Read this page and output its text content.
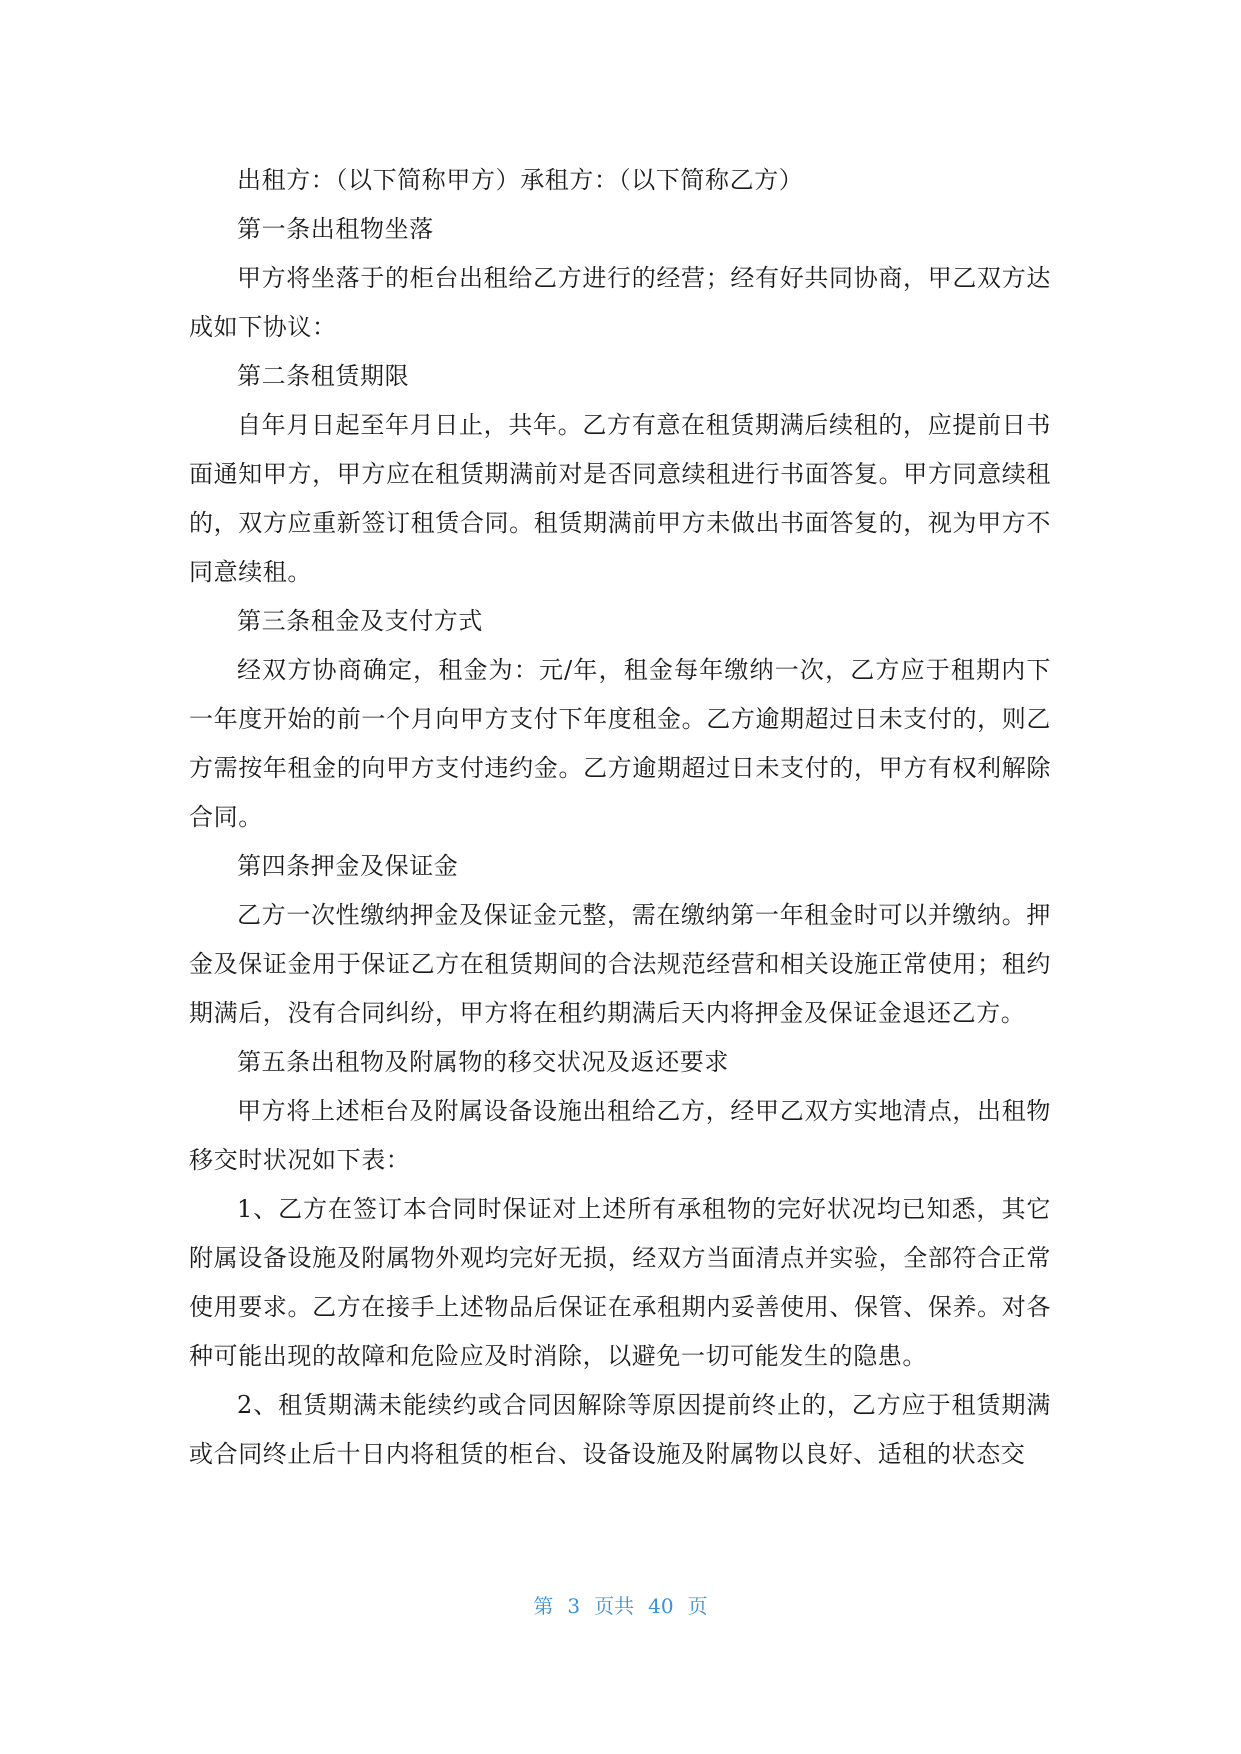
出租方：（以下简称甲方）承租方：（以下简称乙方）

第一条出租物坐落

甲方将坐落于的柜台出租给乙方进行的经营；经有好共同协商，甲乙双方达成如下协议：

第二条租赁期限

自年月日起至年月日止，共年。乙方有意在租赁期满后续租的，应提前日书面通知甲方，甲方应在租赁期满前对是否同意续租进行书面答复。甲方同意续租的，双方应重新签订租赁合同。租赁期满前甲方未做出书面答复的，视为甲方不同意续租。

第三条租金及支付方式

经双方协商确定，租金为：元/年，租金每年缴纳一次，乙方应于租期内下一年度开始的前一个月向甲方支付下年度租金。乙方逾期超过日未支付的，则乙方需按年租金的向甲方支付违约金。乙方逾期超过日未支付的，甲方有权利解除合同。

第四条押金及保证金

乙方一次性缴纳押金及保证金元整，需在缴纳第一年租金时可以并缴纳。押金及保证金用于保证乙方在租赁期间的合法规范经营和相关设施正常使用；租约期满后，没有合同纠纷，甲方将在租约期满后天内将押金及保证金退还乙方。

第五条出租物及附属物的移交状况及返还要求

甲方将上述柜台及附属设备设施出租给乙方，经甲乙双方实地清点，出租物移交时状况如下表：

1、乙方在签订本合同时保证对上述所有承租物的完好状况均已知悉，其它附属设备设施及附属物外观均完好无损，经双方当面清点并实验，全部符合正常使用要求。乙方在接手上述物品后保证在承租期内妥善使用、保管、保养。对各种可能出现的故障和危险应及时消除，以避免一切可能发生的隐患。

2、租赁期满未能续约或合同因解除等原因提前终止的，乙方应于租赁期满或合同终止后十日内将租赁的柜台、设备设施及附属物以良好、适租的状态交

第 3 页共 40 页
